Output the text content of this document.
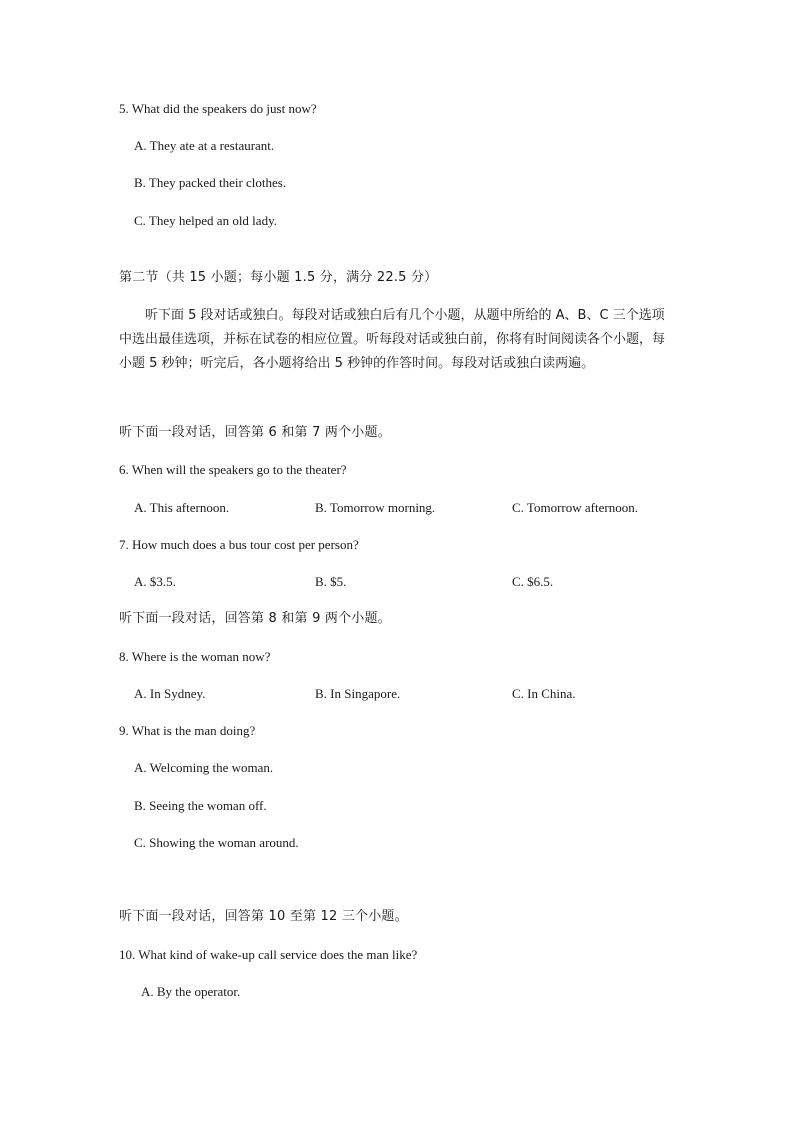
5. What did the speakers do just now?
A. They ate at a restaurant.
B. They packed their clothes.
C. They helped an old lady.
第二节（共 15 小题；每小题 1.5 分，满分 22.5 分）
听下面 5 段对话或独白。每段对话或独白后有几个小题，从题中所给的 A、B、C 三个选项中选出最佳选项，并标在试卷的相应位置。听每段对话或独白前，你将有时间阅读各个小题，每小题 5 秒钟；听完后，各小题将给出 5 秒钟的作答时间。每段对话或独白读两遍。
听下面一段对话，回答第 6 和第 7 两个小题。
6. When will the speakers go to the theater?
A. This afternoon.	B. Tomorrow morning.	C. Tomorrow afternoon.
7. How much does a bus tour cost per person?
A. $3.5.	B. $5.	C. $6.5.
听下面一段对话，回答第 8 和第 9 两个小题。
8. Where is the woman now?
A. In Sydney.	B. In Singapore.	C. In China.
9. What is the man doing?
A. Welcoming the woman.
B. Seeing the woman off.
C. Showing the woman around.
听下面一段对话，回答第 10 至第 12 三个小题。
10. What kind of wake-up call service does the man like?
A. By the operator.
